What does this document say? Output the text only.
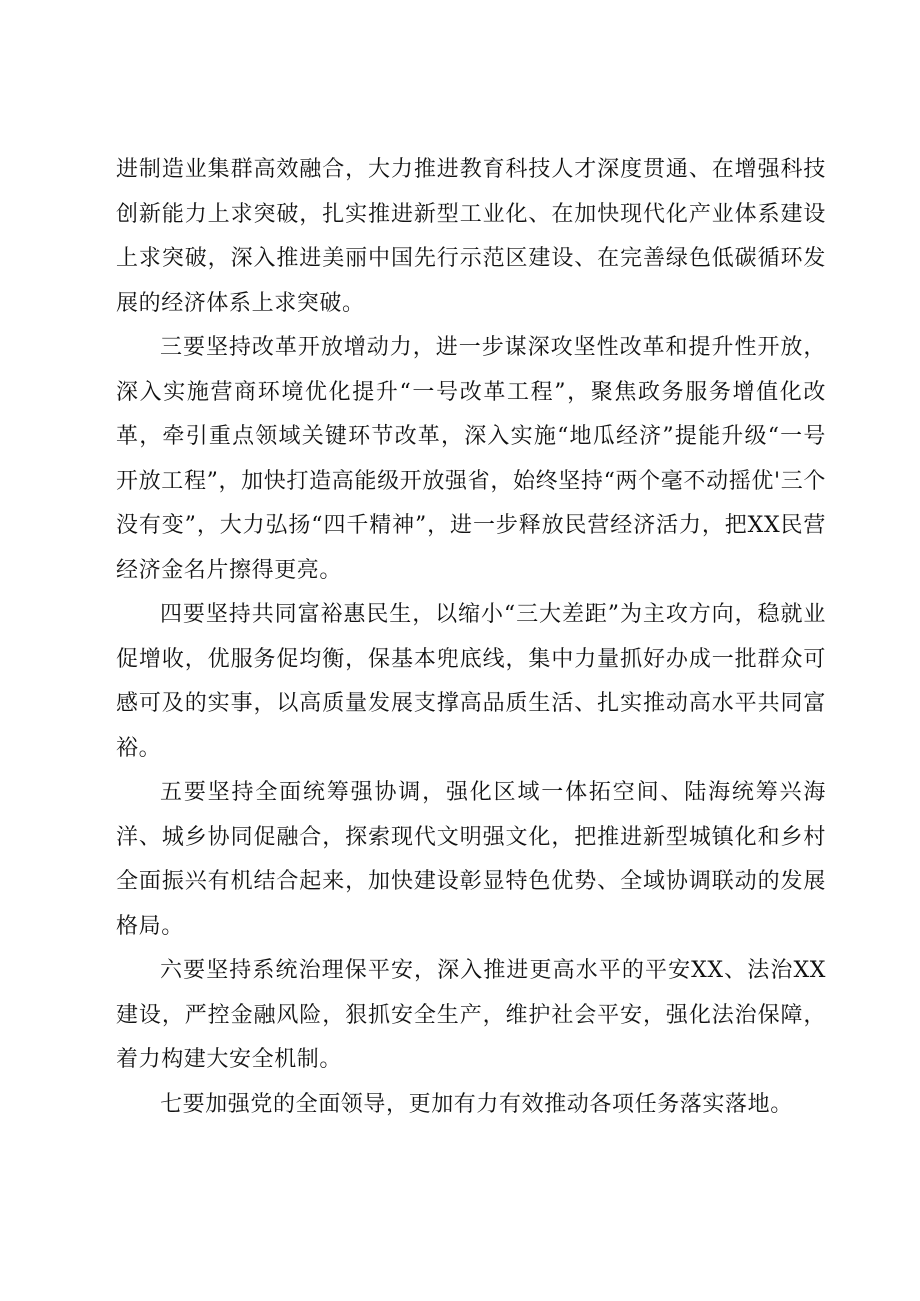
进制造业集群高效融合，大力推进教育科技人才深度贯通、在增强科技创新能力上求突破，扎实推进新型工业化、在加快现代化产业体系建设上求突破，深入推进美丽中国先行示范区建设、在完善绿色低碳循环发展的经济体系上求突破。

三要坚持改革开放增动力，进一步谋深攻坚性改革和提升性开放，深入实施营商环境优化提升“一号改革工程”，聚焦政务服务增值化改革，牵引重点领域关键环节改革，深入实施“地瓜经济”提能升级“一号开放工程”，加快打造高能级开放强省，始终坚持“两个毫不动摇优'三个没有变”，大力弘扬“四千精神”，进一步释放民营经济活力，把XX民营经济金名片擦得更亮。

四要坚持共同富裕惠民生，以缩小“三大差距”为主攻方向，稳就业促增收，优服务促均衡，保基本兜底线，集中力量抓好办成一批群众可感可及的实事，以高质量发展支撑高品质生活、扎实推动高水平共同富裕。

五要坚持全面统筹强协调，强化区域一体拓空间、陆海统筹兴海洋、城乡协同促融合，探索现代文明强文化，把推进新型城镇化和乡村全面振兴有机结合起来，加快建设彰显特色优势、全域协调联动的发展格局。

六要坚持系统治理保平安，深入推进更高水平的平安XX、法治XX建设，严控金融风险，狠抓安全生产，维护社会平安，强化法治保障，着力构建大安全机制。

七要加强党的全面领导，更加有力有效推动各项任务落实落地。
